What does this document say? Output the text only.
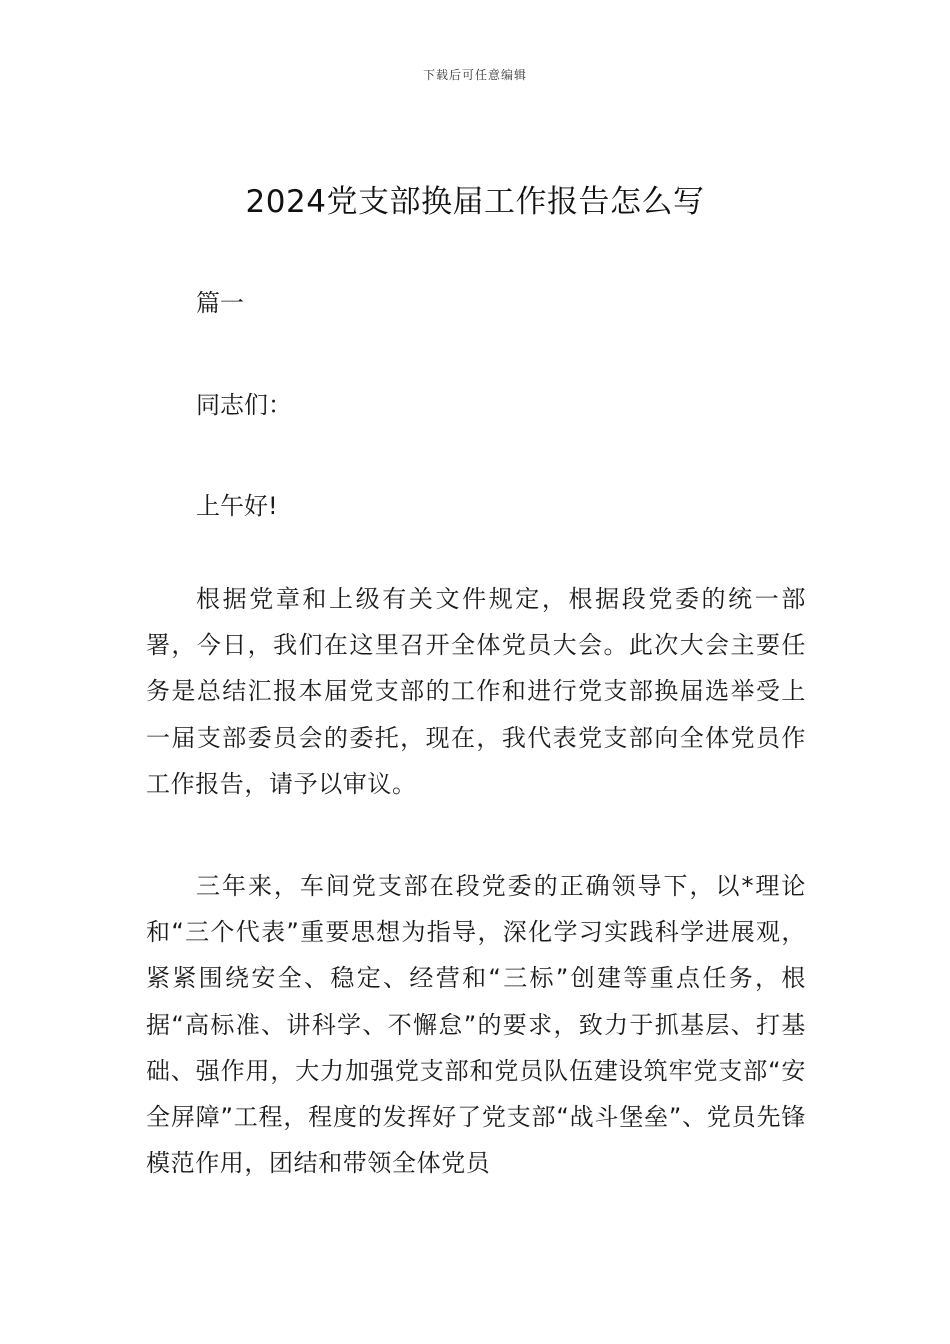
下载后可任意编辑
2024党支部换届工作报告怎么写
篇一
同志们：
上午好!
根据党章和上级有关文件规定，根据段党委的统一部署，今日，我们在这里召开全体党员大会。此次大会主要任务是总结汇报本届党支部的工作和进行党支部换届选举受上一届支部委员会的委托，现在，我代表党支部向全体党员作工作报告，请予以审议。
三年来，车间党支部在段党委的正确领导下，以*理论和“三个代表”重要思想为指导，深化学习实践科学进展观，紧紧围绕安全、稳定、经营和“三标”创建等重点任务，根据“高标准、讲科学、不懈怠”的要求，致力于抓基层、打基础、强作用，大力加强党支部和党员队伍建设筑牢党支部“安全屏障”工程，程度的发挥好了党支部“战斗堡垒”、党员先锋模范作用，团结和带领全体党员
